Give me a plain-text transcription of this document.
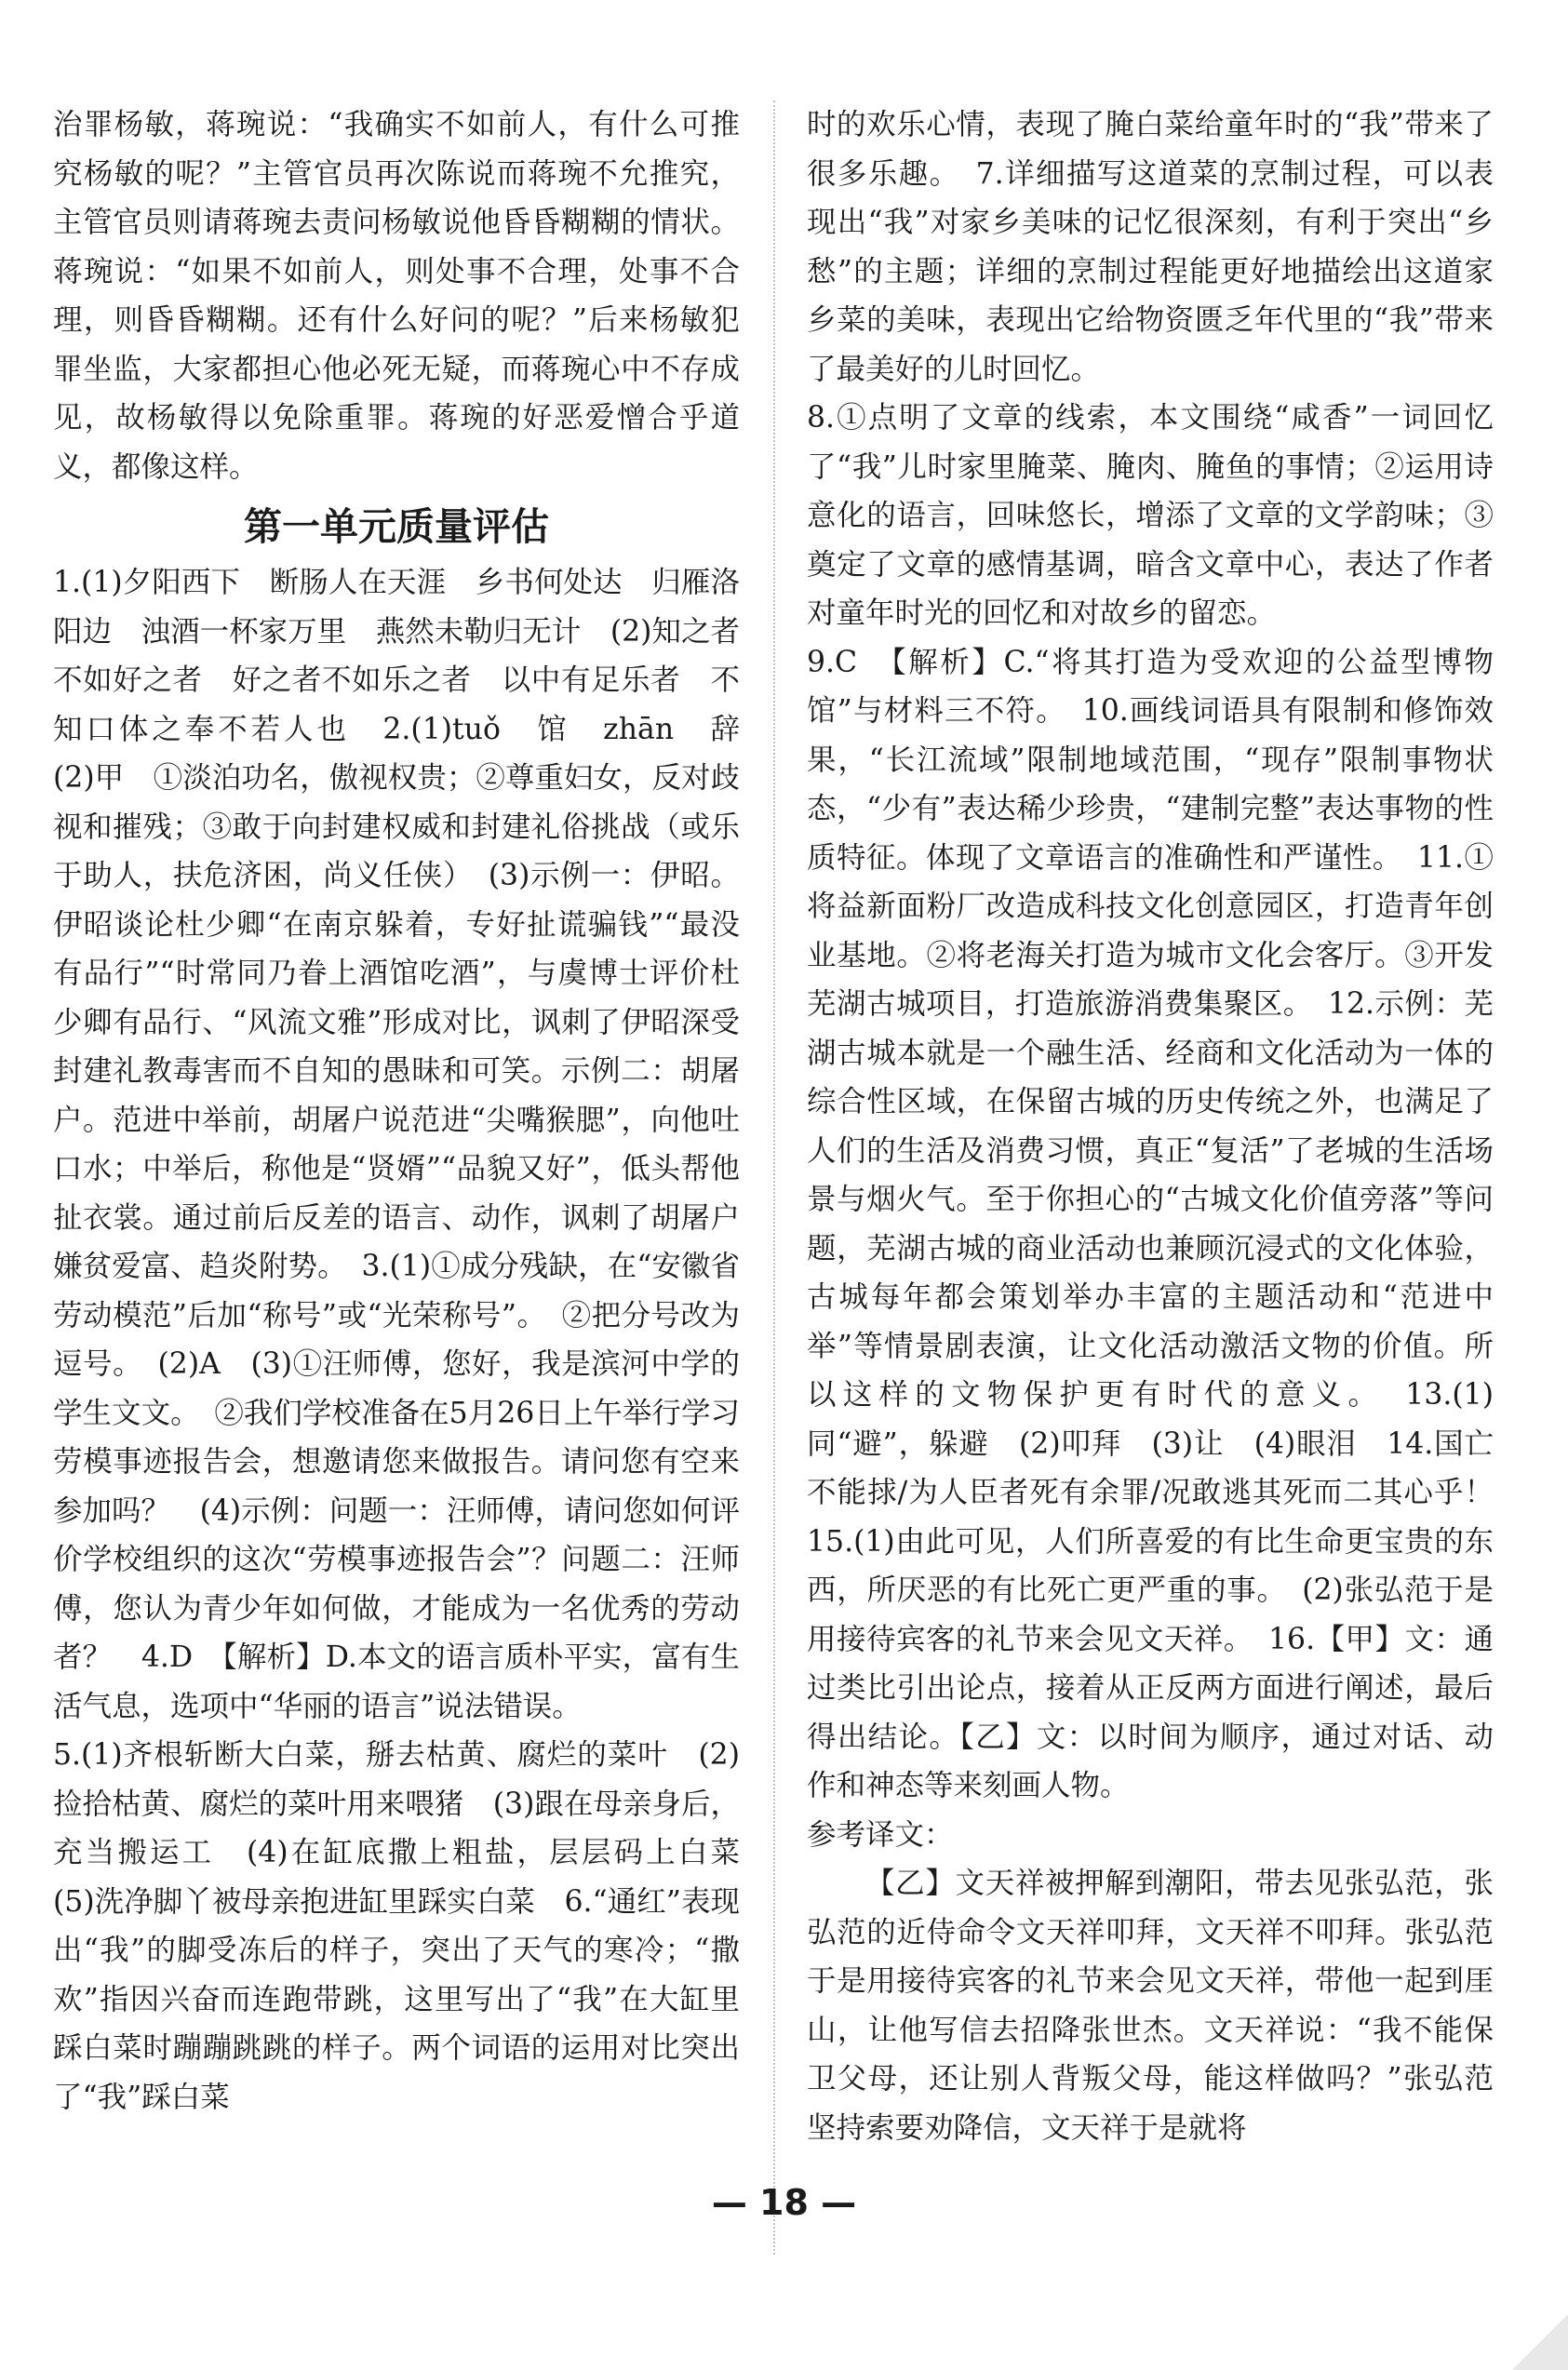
治罪杨敏，蒋琬说：“我确实不如前人，有什么可推究杨敏的呢？”主管官员再次陈说而蒋琬不允推究，主管官员则请蒋琬去责问杨敏说他昏昏糊糊的情状。蒋琬说：“如果不如前人，则处事不合理，处事不合理，则昏昏糊糊。还有什么好问的呢？”后来杨敏犯罪坐监，大家都担心他必死无疑，而蒋琬心中不存成见，故杨敏得以免除重罪。蒋琬的好恶爱憎合乎道义，都像这样。

第一单元质量评估

1.(1)夕阳西下　断肠人在天涯　乡书何处达　归雁洛阳边　浊酒一杯家万里　燕然未勒归无计　(2)知之者不如好之者　好之者不如乐之者　以中有足乐者　不知口体之奉不若人也　2.(1)tuǒ　馆　zhān　辞　(2)甲　①淡泊功名，傲视权贵；②尊重妇女，反对歧视和摧残；③敢于向封建权威和封建礼俗挑战（或乐于助人，扶危济困，尚义任侠）　(3)示例一：伊昭。伊昭谈论杜少卿“在南京躲着，专好扯谎骗钱”“最没有品行”“时常同乃眷上酒馆吃酒”，与虞博士评价杜少卿有品行、“风流文雅”形成对比，讽刺了伊昭深受封建礼教毒害而不自知的愚昧和可笑。示例二：胡屠户。范进中举前，胡屠户说范进“尖嘴猴腮”，向他吐口水；中举后，称他是“贤婿”“品貌又好”，低头帮他扯衣裳。通过前后反差的语言、动作，讽刺了胡屠户嫌贫爱富、趋炎附势。　3.(1)①成分残缺，在“安徽省劳动模范”后加“称号”或“光荣称号”。　②把分号改为逗号。　(2)A　(3)①汪师傅，您好，我是滨河中学的学生文文。　②我们学校准备在5月26日上午举行学习劳模事迹报告会，想邀请您来做报告。请问您有空来参加吗？　(4)示例：问题一：汪师傅，请问您如何评价学校组织的这次“劳模事迹报告会”？问题二：汪师傅，您认为青少年如何做，才能成为一名优秀的劳动者？　4.D　【解析】D.本文的语言质朴平实，富有生活气息，选项中“华丽的语言”说法错误。

5.(1)齐根斩断大白菜，掰去枯黄、腐烂的菜叶　(2)捡拾枯黄、腐烂的菜叶用来喂猪　(3)跟在母亲身后，充当搬运工　(4)在缸底撒上粗盐，层层码上白菜　(5)洗净脚丫被母亲抱进缸里踩实白菜　6.“通红”表现出“我”的脚受冻后的样子，突出了天气的寒冷；“撒欢”指因兴奋而连跑带跳，这里写出了“我”在大缸里踩白菜时蹦蹦跳跳的样子。两个词语的运用对比突出了“我”踩白菜

时的欢乐心情，表现了腌白菜给童年时的“我”带来了很多乐趣。　7.详细描写这道菜的烹制过程，可以表现出“我”对家乡美味的记忆很深刻，有利于突出“乡愁”的主题；详细的烹制过程能更好地描绘出这道家乡菜的美味，表现出它给物资匮乏年代里的“我”带来了最美好的儿时回忆。

8.①点明了文章的线索，本文围绕“咸香”一词回忆了“我”儿时家里腌菜、腌肉、腌鱼的事情；②运用诗意化的语言，回味悠长，增添了文章的文学韵味；③奠定了文章的感情基调，暗含文章中心，表达了作者对童年时光的回忆和对故乡的留恋。

9.C　【解析】C.“将其打造为受欢迎的公益型博物馆”与材料三不符。　10.画线词语具有限制和修饰效果，“长江流域”限制地域范围，“现存”限制事物状态，“少有”表达稀少珍贵，“建制完整”表达事物的性质特征。体现了文章语言的准确性和严谨性。　11.①将益新面粉厂改造成科技文化创意园区，打造青年创业基地。②将老海关打造为城市文化会客厅。③开发芜湖古城项目，打造旅游消费集聚区。　12.示例：芜湖古城本就是一个融生活、经商和文化活动为一体的综合性区域，在保留古城的历史传统之外，也满足了人们的生活及消费习惯，真正“复活”了老城的生活场景与烟火气。至于你担心的“古城文化价值旁落”等问题，芜湖古城的商业活动也兼顾沉浸式的文化体验，古城每年都会策划举办丰富的主题活动和“范进中举”等情景剧表演，让文化活动激活文物的价值。所以这样的文物保护更有时代的意义。　13.(1)同“避”，躲避　(2)叩拜　(3)让　(4)眼泪　14.国亡不能捄/为人臣者死有余罪/况敢逃其死而二其心乎！　15.(1)由此可见，人们所喜爱的有比生命更宝贵的东西，所厌恶的有比死亡更严重的事。　(2)张弘范于是用接待宾客的礼节来会见文天祥。　16.【甲】文：通过类比引出论点，接着从正反两方面进行阐述，最后得出结论。【乙】文：以时间为顺序，通过对话、动作和神态等来刻画人物。

参考译文：

【乙】文天祥被押解到潮阳，带去见张弘范，张弘范的近侍命令文天祥叩拜，文天祥不叩拜。张弘范于是用接待宾客的礼节来会见文天祥，带他一起到厓山，让他写信去招降张世杰。文天祥说：“我不能保卫父母，还让别人背叛父母，能这样做吗？”张弘范坚持索要劝降信，文天祥于是就将

— 18 —
